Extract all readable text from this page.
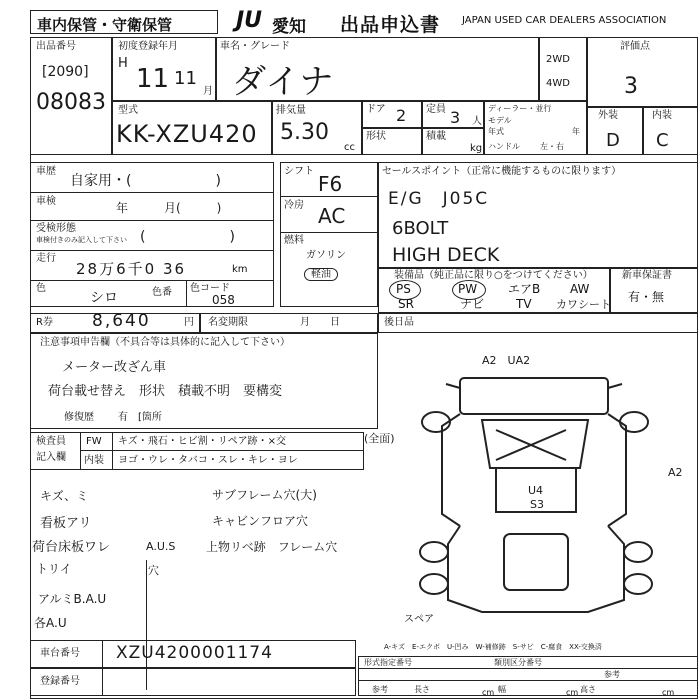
車内保管・守衛保管	JU 愛知 出品申込書 JAPAN USED CAR DEALERS ASSOCIATION
出品番号
[2090]
08083
初度登録年月
H
11 11
月
車名・グレード
ダイナ
2WD
4WD
評価点
3
型式
KK-XZU420
排気量
5.30
cc
ドア 2 定員 3 人
形状	積載
kg
ディーラー・並行
モデル
年式	年
ハンドル	左・右
外装
D
内装
C
車歴
自家用・(　　　　　　)
車検	年　　　月(　　　)
受検形態
車検付きのみ記入して下さい (　　　　　　)
走行
28万6千0 36	km
色
シロ	色番 色コード
058
シフト
F6
冷房 AC
燃料
ガソリン
軽油
セールスポイント（正常に機能するものに限ります）
E/G　J05C
6BOLT
HIGH DECK
装備品（純正品に限り○をつけてください）
PS	PW	エアB AW
SR	ナビ	TV カワシート
新車保証書
有・無
R券 8,640	円 名変期限	月　　日	後日品
注意事項申告欄（不具合等は具体的に記入して下さい）
メーター改ざん車
荷台載せ替え　形状　積載不明　要構変
修復歴 有　[箇所
検査員
記入欄
FW キズ・飛石・ヒビ割・リペア跡・×交	(全面)
内装 ヨゴ・ウレ・タバコ・スレ・キレ・ヨレ
キズ、ミ
看板アリ
荷台床板ワレ	A.U.S
トリイ	穴
アルミB.A.U
各A.U
サブフレーム穴(大)
キャビンフロア穴
上物リベ跡　フレーム穴
A2　UA2
U4
S3
A2
スペア
A-キズ　E-エクボ　U-凹み　W-補修跡　S-サビ　C-腐食　XX-交換済
車台番号 XZU4200001174
登録番号
形式指定番号	類別区分番号
参考
参考	長さ	幅	高さ
cm	cm	cm
